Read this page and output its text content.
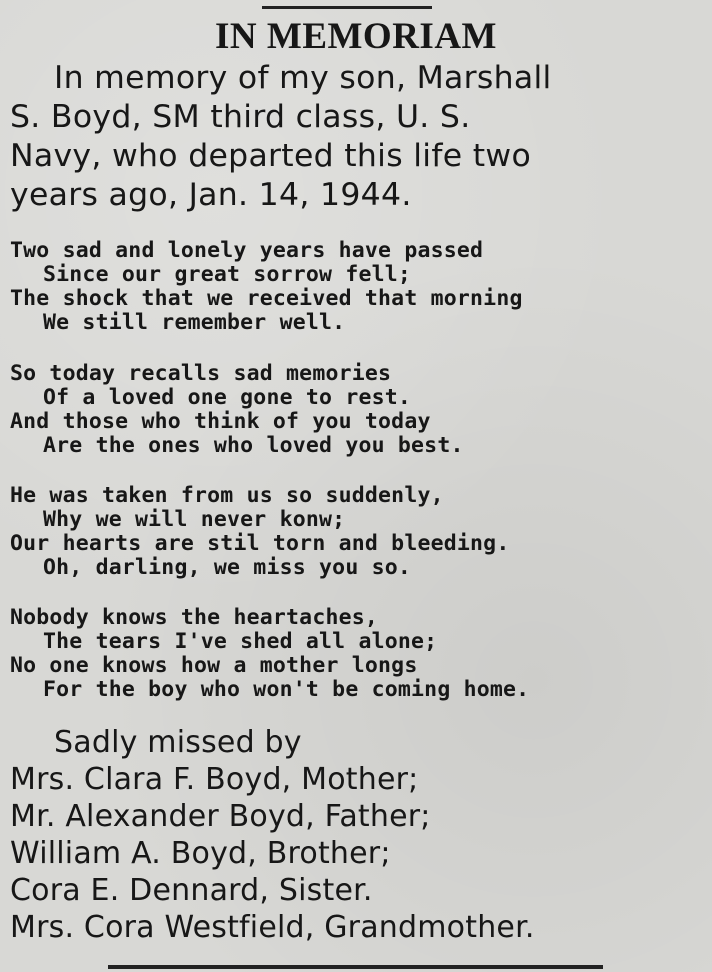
IN MEMORIAM
In memory of my son, Marshall
S. Boyd, SM third class, U. S.
Navy, who departed this life two
years ago, Jan. 14, 1944.
Two sad and lonely years have passed
Since our great sorrow fell;
The shock that we received that morning
We still remember well.
So today recalls sad memories
Of a loved one gone to rest.
And those who think of you today
Are the ones who loved you best.
He was taken from us so suddenly,
Why we will never konw;
Our hearts are stil torn and bleeding.
Oh, darling, we miss you so.
Nobody knows the heartaches,
The tears I've shed all alone;
No one knows how a mother longs
For the boy who won't be coming home.
Sadly missed by
Mrs. Clara F. Boyd, Mother;
Mr. Alexander Boyd, Father;
William A. Boyd, Brother;
Cora E. Dennard, Sister.
Mrs. Cora Westfield, Grandmother.
